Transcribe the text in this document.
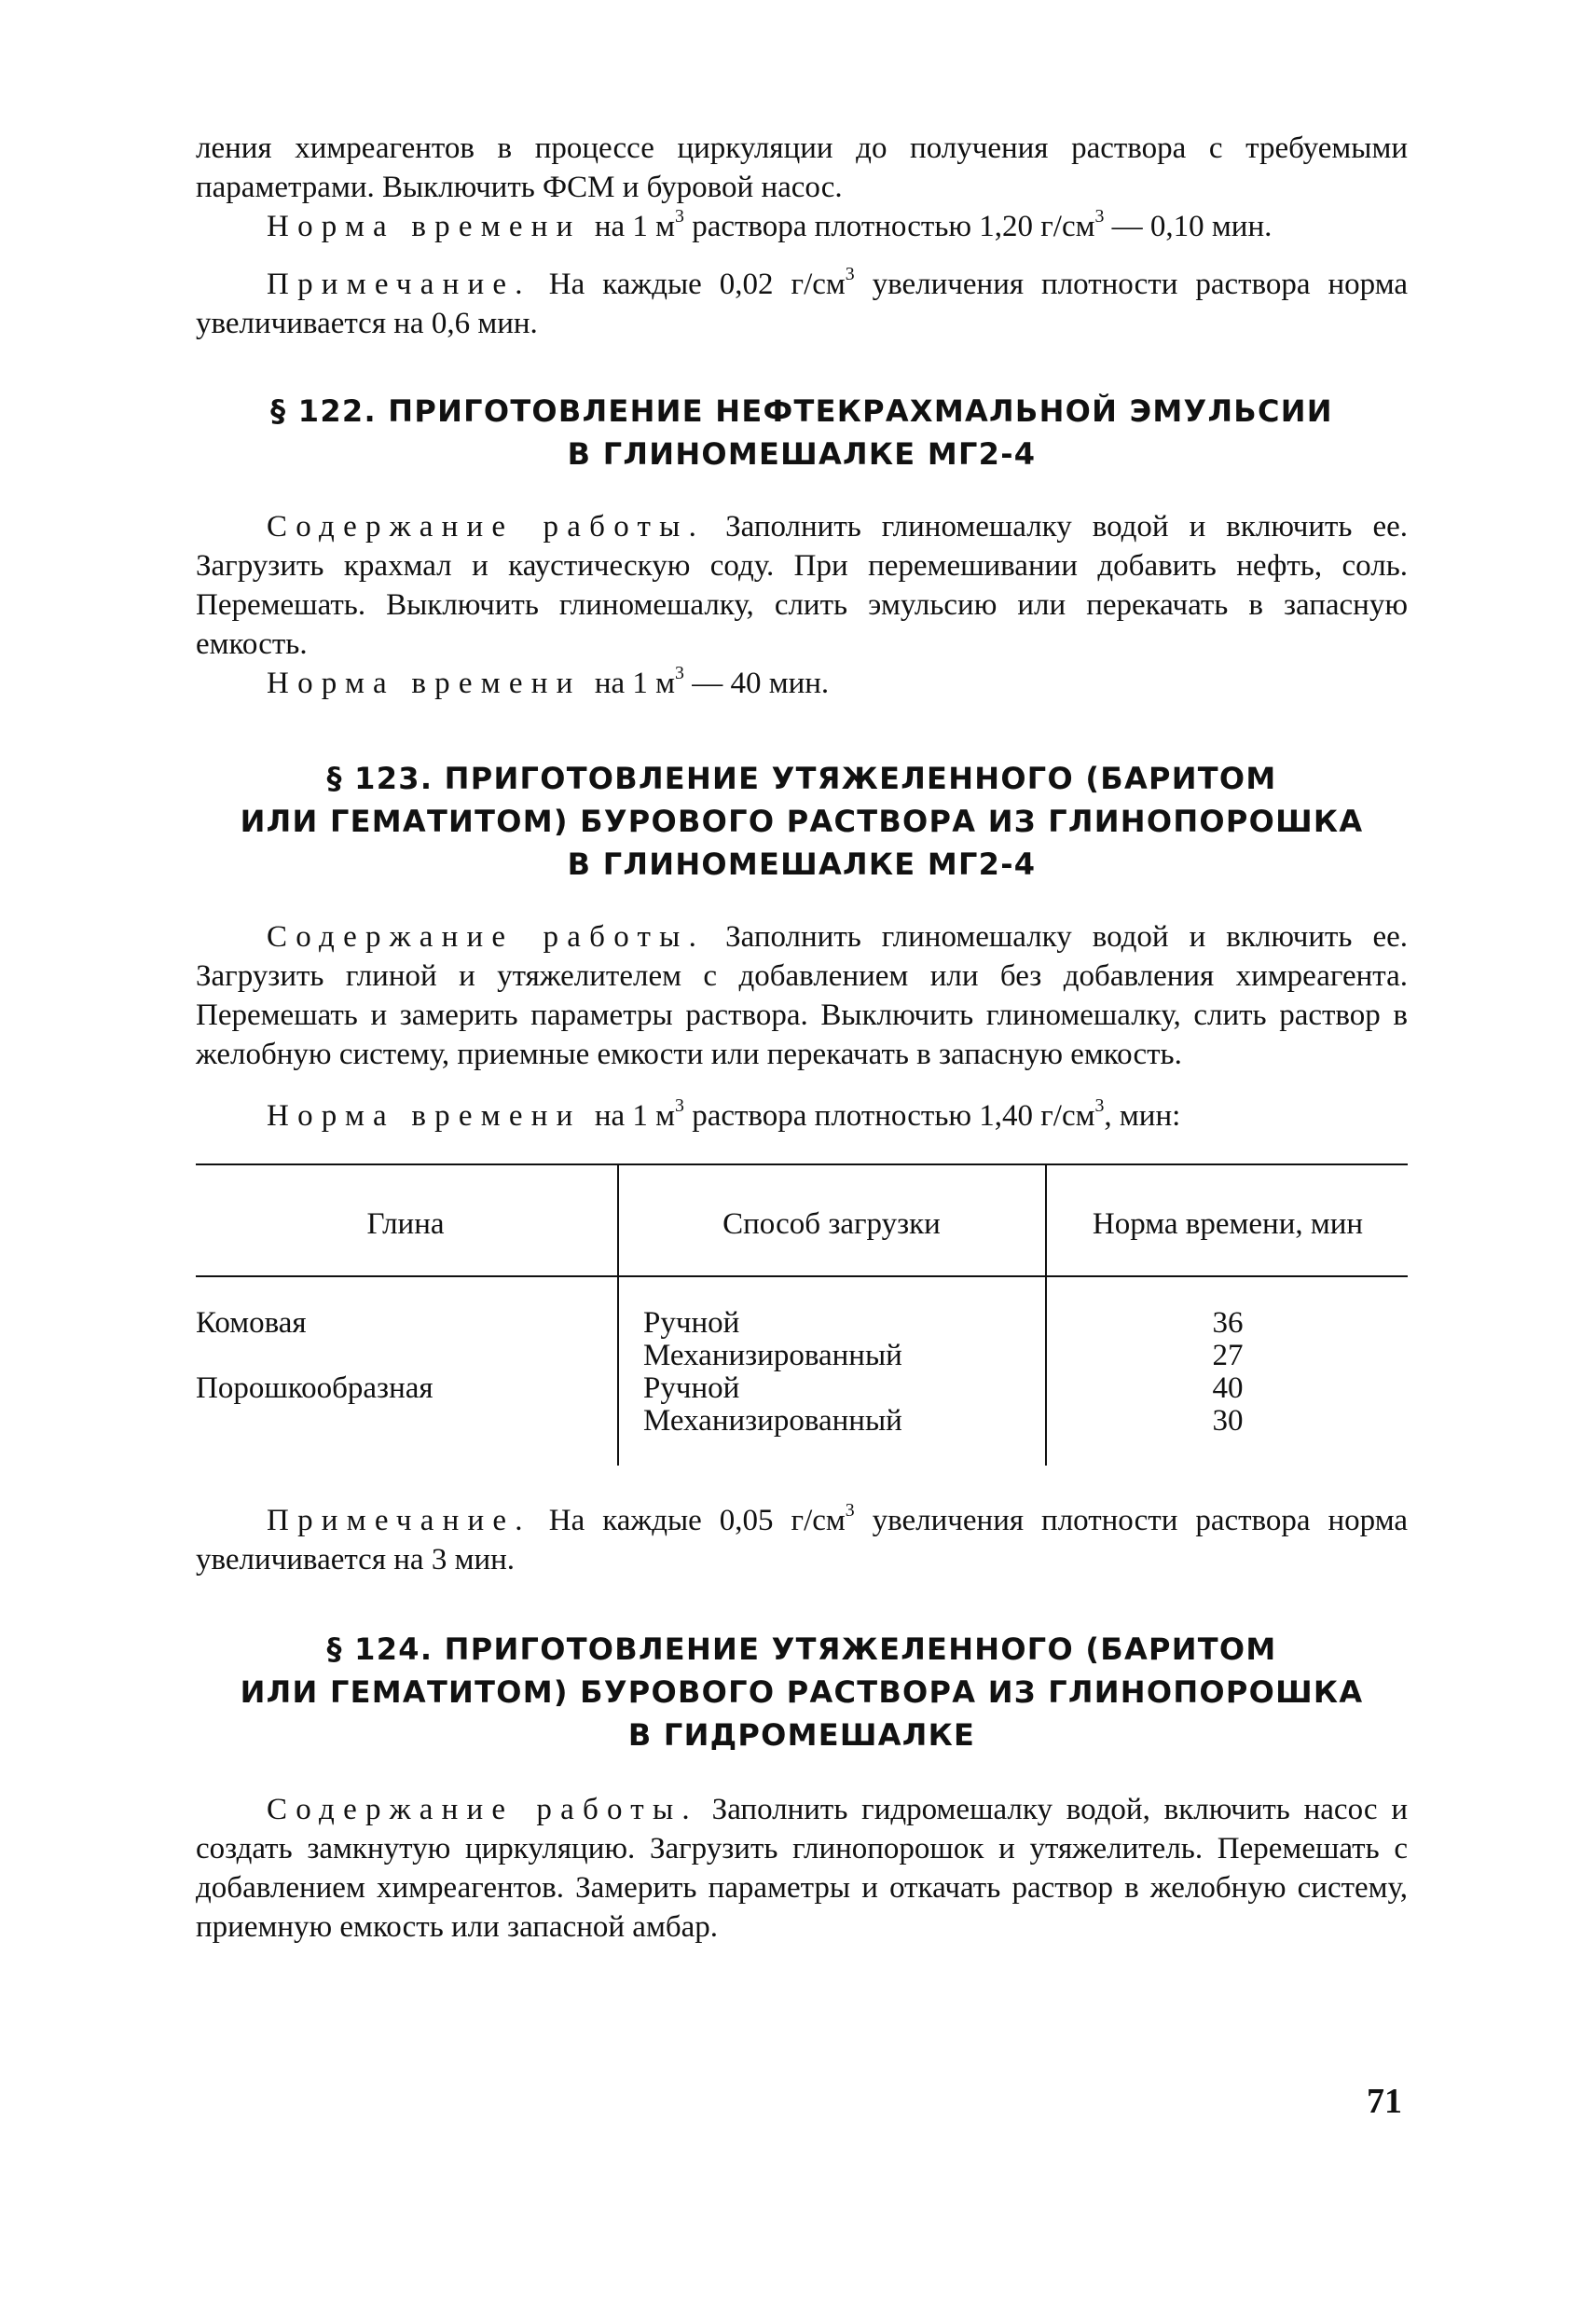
ления химреагентов в процессе циркуляции до получения раствора с требуемыми параметрами. Выключить ФСМ и буровой насос.

Норма времени на 1 $м^3$ раствора плотностью 1,20 $г/см^3$ — 0,10 мин.

Примечание. На каждые 0,02 $г/см^3$ увеличения плотности раствора норма увеличивается на 0,6 мин.

§ 122. ПРИГОТОВЛЕНИЕ НЕФТЕКРАХМАЛЬНОЙ ЭМУЛЬСИИ
В ГЛИНОМЕШАЛКЕ МГ2-4

Содержание работы. Заполнить глиномешалку водой и включить ее. Загрузить крахмал и каустическую соду. При перемешивании добавить нефть, соль. Перемешать. Выключить глиномешалку, слить эмульсию или перекачать в запасную емкость.

Норма времени на 1 $м^3$ — 40 мин.

§ 123. ПРИГОТОВЛЕНИЕ УТЯЖЕЛЕННОГО (БАРИТОМ
ИЛИ ГЕМАТИТОМ) БУРОВОГО РАСТВОРА ИЗ ГЛИНОПОРОШКА
В ГЛИНОМЕШАЛКЕ МГ2-4

Содержание работы. Заполнить глиномешалку водой и включить ее. Загрузить глиной и утяжелителем с добавлением или без добавления химреагента. Перемешать и замерить параметры раствора. Выключить глиномешалку, слить раствор в желобную систему, приемные емкости или перекачать в запасную емкость.

Норма времени на 1 $м^3$ раствора плотностью 1,40 $г/см^3$, мин:

Глина	Способ загрузки	Норма времени, мин
Комовая	Ручной	36
Механизированный	27
Порошкообразная	Ручной	40
Механизированный	30

Примечание. На каждые 0,05 $г/см^3$ увеличения плотности раствора норма увеличивается на 3 мин.

§ 124. ПРИГОТОВЛЕНИЕ УТЯЖЕЛЕННОГО (БАРИТОМ
ИЛИ ГЕМАТИТОМ) БУРОВОГО РАСТВОРА ИЗ ГЛИНОПОРОШКА
В ГИДРОМЕШАЛКЕ

Содержание работы. Заполнить гидромешалку водой, включить насос и создать замкнутую циркуляцию. Загрузить глинопорошок и утяжелитель. Перемешать с добавлением химреагентов. Замерить параметры и откачать раствор в желобную систему, приемную емкость или запасной амбар.

71
